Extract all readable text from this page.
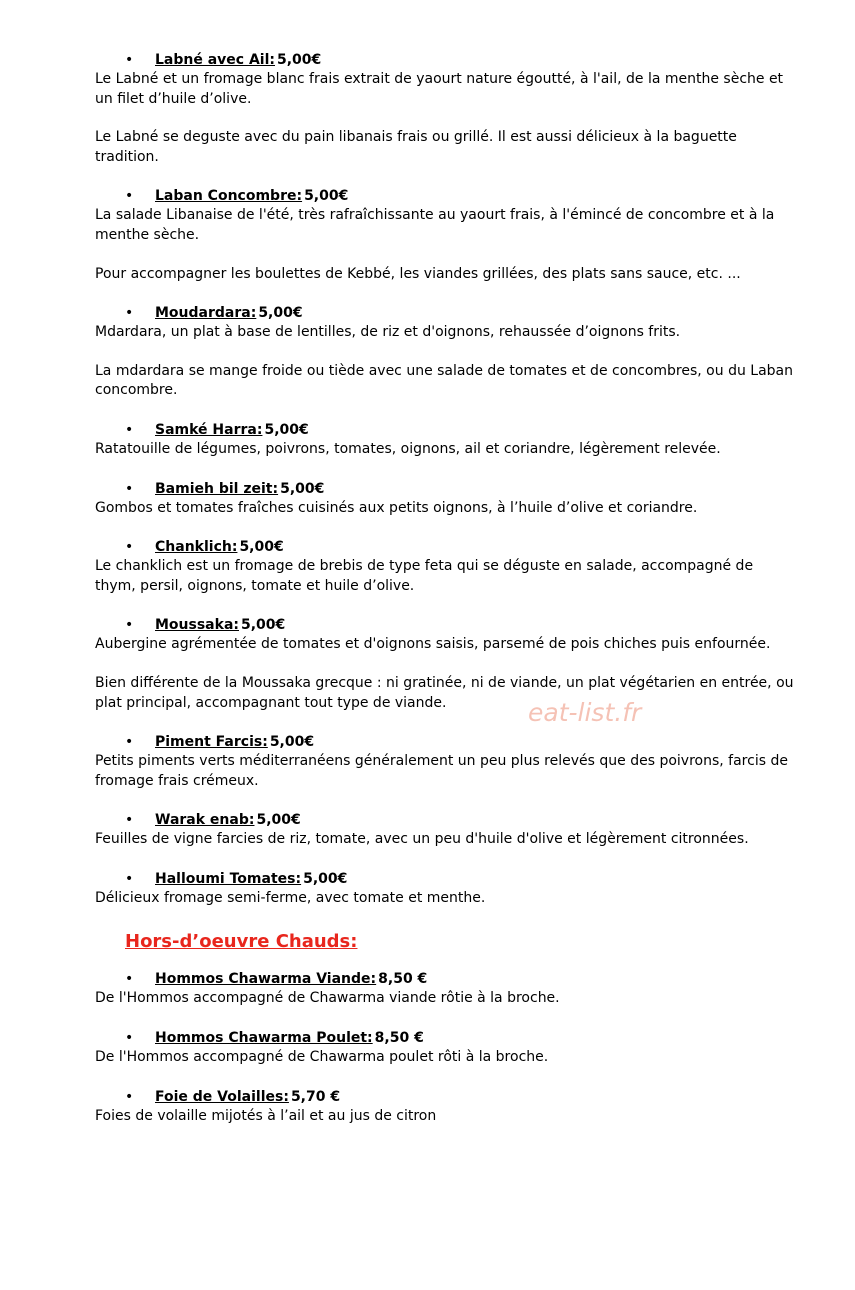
• Labné avec Ail: 5,00€

Le Labné et un fromage blanc frais extrait de yaourt nature égoutté, à l'ail, de la menthe sèche et un filet d’huile d’olive.

Le Labné se deguste avec du pain libanais frais ou grillé. Il est aussi délicieux à la baguette tradition.

• Laban Concombre: 5,00€

La salade Libanaise de l'été, très rafraîchissante au yaourt frais, à l'émincé de concombre et à la menthe sèche.

Pour accompagner les boulettes de Kebbé, les viandes grillées, des plats sans sauce, etc. ...

• Moudardara: 5,00€

Mdardara, un plat à base de lentilles, de riz et d'oignons, rehaussée d’oignons frits.

La mdardara se mange froide ou tiède avec une salade de tomates et de concombres, ou du Laban concombre.

• Samké Harra: 5,00€

Ratatouille de légumes, poivrons, tomates, oignons, ail et coriandre, légèrement relevée.

• Bamieh bil zeit: 5,00€

Gombos et tomates fraîches cuisinés aux petits oignons, à l’huile d’olive et coriandre.

• Chanklich: 5,00€

Le chanklich est un fromage de brebis de type feta qui se déguste en salade, accompagné de thym, persil, oignons, tomate et huile d’olive.

• Moussaka: 5,00€

Aubergine agrémentée de tomates et d'oignons saisis, parsemé de pois chiches puis enfournée.

Bien différente de la Moussaka grecque : ni gratinée, ni de viande, un plat végétarien en entrée, ou plat principal, accompagnant tout type de viande.

• Piment Farcis: 5,00€

Petits piments verts méditerranéens généralement un peu plus relevés que des poivrons, farcis de fromage frais crémeux.

• Warak enab: 5,00€

Feuilles de vigne farcies de riz, tomate, avec un peu d'huile d'olive et légèrement citronnées.

• Halloumi Tomates: 5,00€

Délicieux fromage semi-ferme, avec tomate et menthe.

Hors-d’oeuvre Chauds:
• Hommos Chawarma Viande: 8,50 €

De l'Hommos accompagné de Chawarma viande rôtie à la broche.

• Hommos Chawarma Poulet: 8,50 €

De l'Hommos accompagné de Chawarma poulet rôti à la broche.

• Foie de Volailles: 5,70 €

Foies de volaille mijotés à l’ail et au jus de citron

eat-list.fr
